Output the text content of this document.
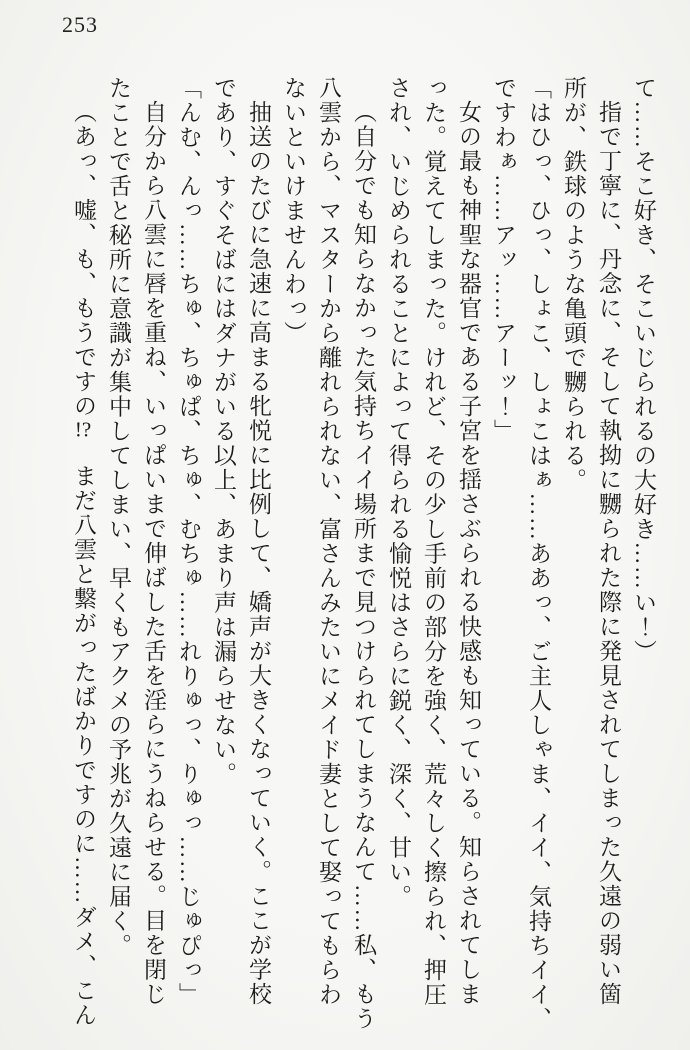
253
て……そこ好き、そこいじられるの大好き……い！）
指で丁寧に、丹念に、そして執拗に嬲られた際に発見されてしまった久遠の弱い箇
所が、鉄球のような亀頭で嬲られる。
「はひっ、ひっ、しょこ、しょこはぁ……ああっ、ご主人しゃま、イイ、気持ちイイ、
ですわぁ……アッ……アーッ！」
女の最も神聖な器官である子宮を揺さぶられる快感も知っている。知らされてしま
った。覚えてしまった。けれど、その少し手前の部分を強く、荒々しく擦られ、押圧
され、いじめられることによって得られる愉悦はさらに鋭く、深く、甘い。
（自分でも知らなかった気持ちイイ場所まで見つけられてしまうなんて……私、もう
八雲から、マスターから離れられない、富さんみたいにメイド妻として娶ってもらわ
ないといけませんわっ）
抽送のたびに急速に高まる牝悦に比例して、嬌声が大きくなっていく。ここが学校
であり、すぐそばにはダナがいる以上、あまり声は漏らせない。
「んむ、んっ……ちゅ、ちゅぱ、ちゅ、むちゅ……れりゅっ、りゅっ……じゅぴっ」
自分から八雲に唇を重ね、いっぱいまで伸ばした舌を淫らにうねらせる。目を閉じ
たことで舌と秘所に意識が集中してしまい、早くもアクメの予兆が久遠に届く。
（あっ、嘘、も、もうですの!?　まだ八雲と繋がったばかりですのに……ダメ、こん
